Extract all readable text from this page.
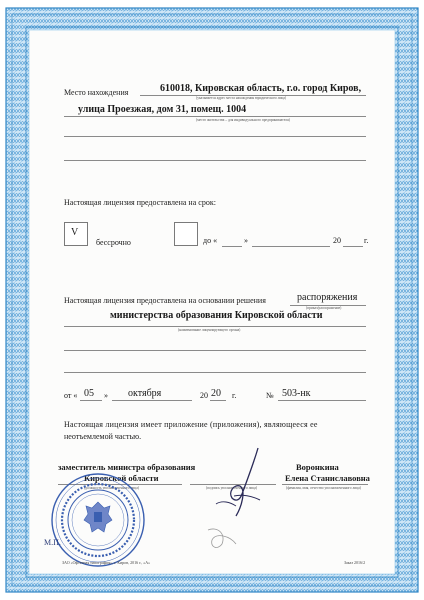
Место нахождения	610018, Кировская область, г.о. город Киров,
(указывается адрес места нахождения юридического лица)
улица Проезжая, дом 31, помещ. 1004
(место жительства – для индивидуального предпринимателя)
Настоящая лицензия предоставлена на срок:
V
бессрочно	до «	»	20	г.
Настоящая лицензия предоставлена на основании решения	распоряжения
(приказ/распоряжение)
министерства образования Кировской области
(наименование лицензирующего органа)
от « 05 » октября	20 20 г.	№ 503-нк
Настоящая лицензия имеет приложение (приложения), являющееся ее
неотъемлемой частью.
заместитель министра образования
Кировской области
(должность уполномоченного лица)	(подпись уполномоченного лица)
Воронкина
Елена Станиславовна
(фамилия, имя, отчество уполномоченного лица)
М.П.
ЗАО «Офсетная типография», г. Киров, 2016 г., «А»	Заказ 2016/2
